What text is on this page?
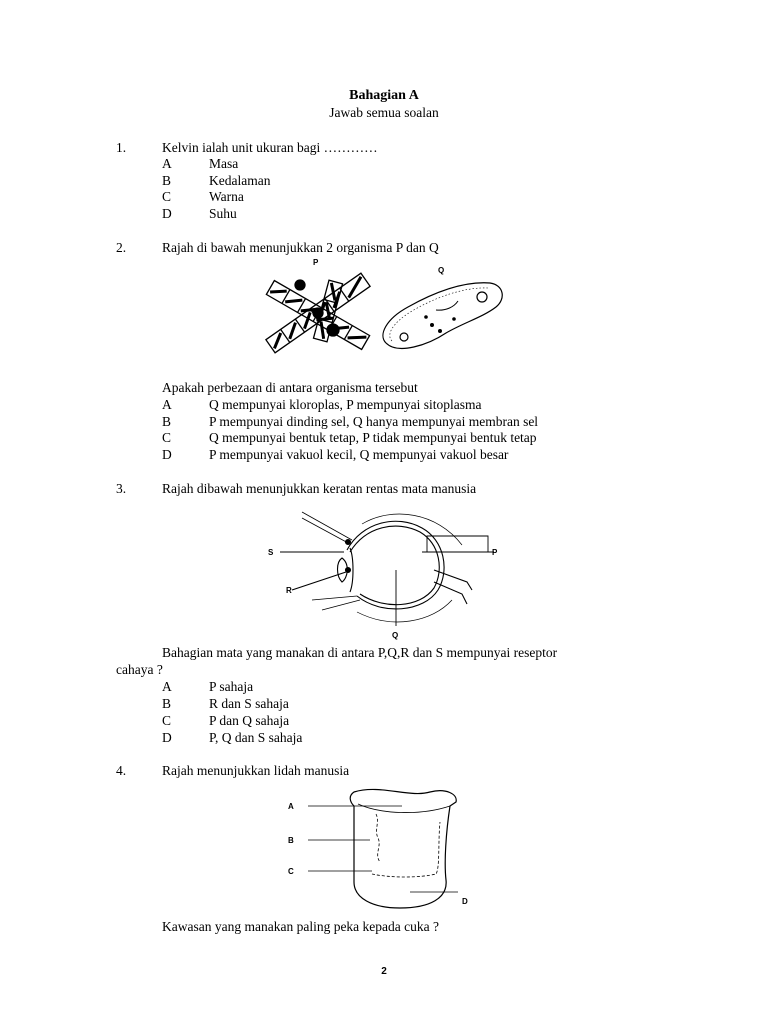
Bahagian A
Jawab semua soalan
1.	Kelvin ialah unit ukuran bagi …………
A	Masa
B	Kedalaman
C	Warna
D	Suhu
2.	Rajah di bawah menunjukkan 2 organisma P dan Q
P
Q
Apakah perbezaan di antara organisma tersebut
A	Q mempunyai kloroplas, P mempunyai sitoplasma
B	P mempunyai dinding sel, Q hanya mempunyai membran sel
C	Q mempunyai bentuk tetap, P tidak mempunyai bentuk tetap
D	P mempunyai vakuol kecil, Q mempunyai vakuol besar
3.	Rajah dibawah menunjukkan keratan rentas mata manusia
S
R
P
Q
Bahagian mata yang manakan di antara P,Q,R dan S mempunyai reseptor
cahaya ?
A	P sahaja
B	R dan S sahaja
C	P dan Q sahaja
D	P, Q dan S sahaja
4.	Rajah menunjukkan lidah manusia
A
B
C
D
Kawasan yang manakan paling peka kepada cuka ?
2
